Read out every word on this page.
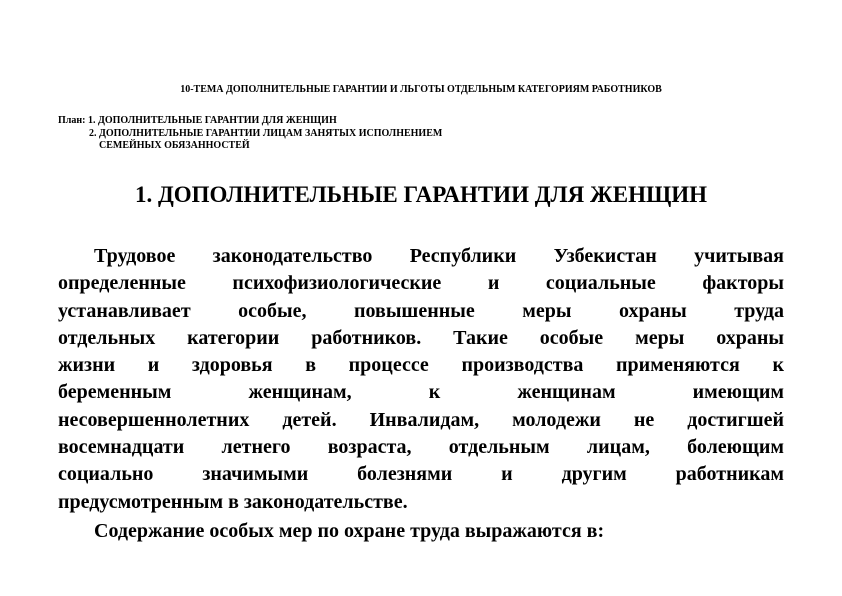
10-ТЕМА ДОПОЛНИТЕЛЬНЫЕ ГАРАНТИИ И ЛЬГОТЫ ОТДЕЛЬНЫМ КАТЕГОРИЯМ РАБОТНИКОВ
План: 1. ДОПОЛНИТЕЛЬНЫЕ ГАРАНТИИ ДЛЯ ЖЕНЩИН
2. ДОПОЛНИТЕЛЬНЫЕ ГАРАНТИИ ЛИЦАМ ЗАНЯТЫХ ИСПОЛНЕНИЕМ
СЕМЕЙНЫХ ОБЯЗАННОСТЕЙ
1. ДОПОЛНИТЕЛЬНЫЕ ГАРАНТИИ ДЛЯ ЖЕНЩИН
Трудовое законодательство Республики Узбекистан учитывая
определенные психофизиологические и социальные факторы
устанавливает особые, повышенные меры охраны труда
отдельных категории работников. Такие особые меры охраны
жизни и здоровья в процессе производства применяются к
беременным женщинам, к женщинам имеющим
несовершеннолетних детей. Инвалидам, молодежи не достигшей
восемнадцати летнего возраста, отдельным лицам, болеющим
социально значимыми болезнями и другим работникам
предусмотренным в законодательстве.
Содержание особых мер по охране труда выражаются в:
